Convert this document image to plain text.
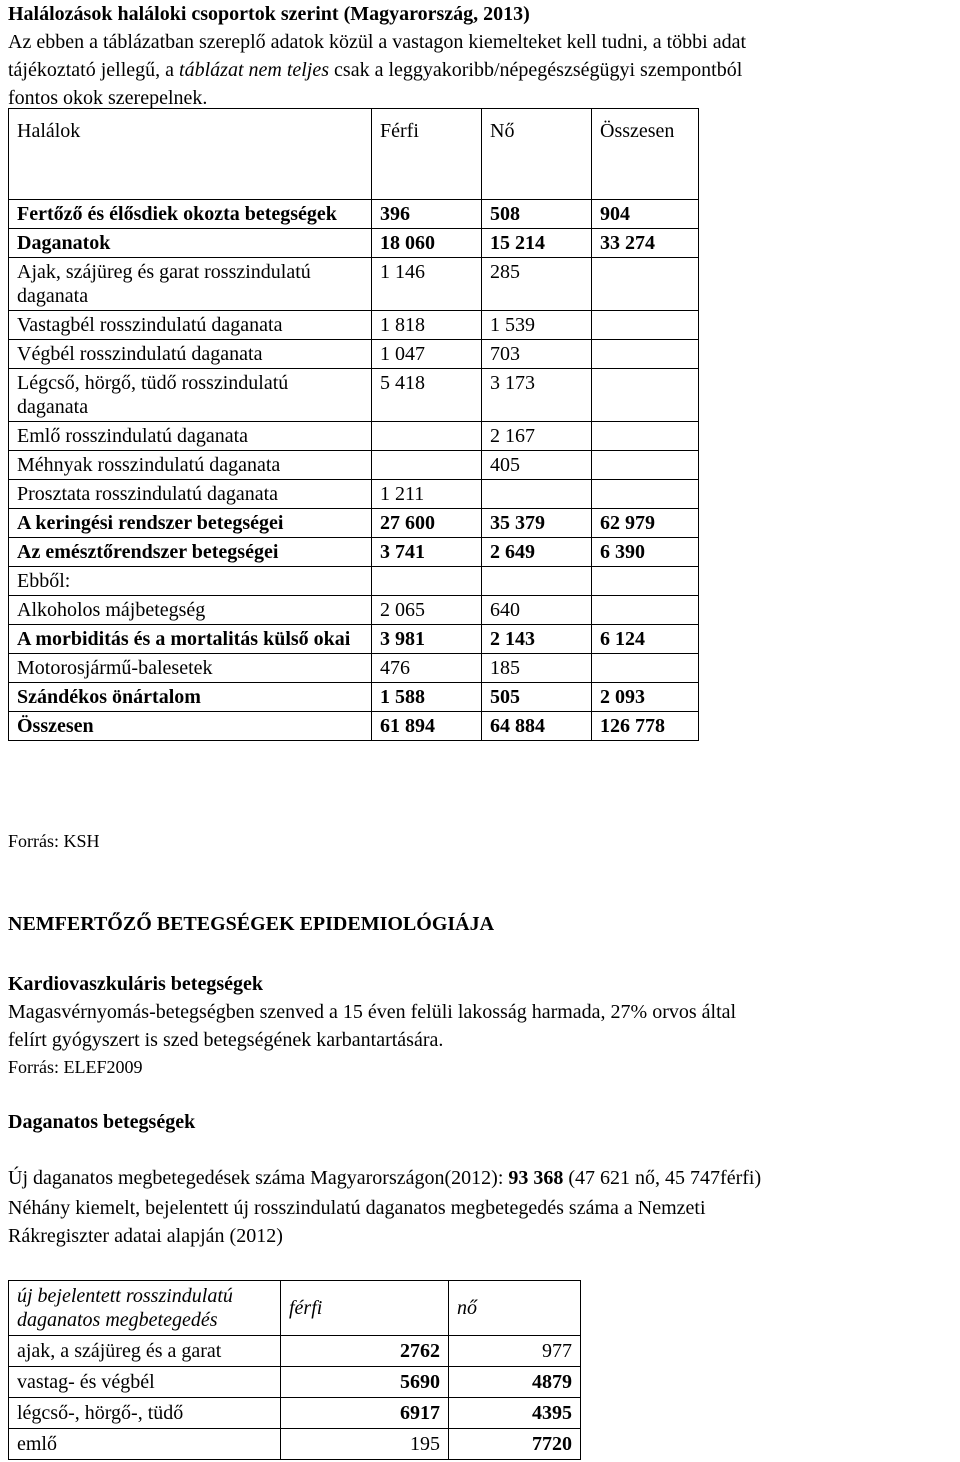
Halálozások haláloki csoportok szerint (Magyarország, 2013)
Az ebben a táblázatban szereplő adatok közül a vastagon kiemelteket kell tudni, a többi adat
tájékoztató jellegű, a táblázat nem teljes csak a leggyakoribb/népegészségügyi szempontból
fontos okok szerepelnek.
Halálok	Férfi	Nő	Összesen
Fertőző és élősdiek okozta betegségek	396	508	904
Daganatok	18 060	15 214	33 274
Ajak, szájüreg és garat rosszindulatú daganata	1 146	285	
Vastagbél rosszindulatú daganata	1 818	1 539	
Végbél rosszindulatú daganata	1 047	703	
Légcső, hörgő, tüdő rosszindulatú daganata	5 418	3 173	
Emlő rosszindulatú daganata		2 167	
Méhnyak rosszindulatú daganata		405	
Prosztata rosszindulatú daganata	1 211		
A keringési rendszer betegségei	27 600	35 379	62 979
Az emésztőrendszer betegségei	3 741	2 649	6 390
Ebből:			
Alkoholos májbetegség	2 065	640	
A morbiditás és a mortalitás külső okai	3 981	2 143	6 124
Motorosjármű-balesetek	476	185	
Szándékos önártalom	1 588	505	2 093
Összesen	61 894	64 884	126 778
Forrás: KSH
NEMFERTŐZŐ BETEGSÉGEK EPIDEMIOLÓGIÁJA
Kardiovaszkuláris betegségek
Magasvérnyomás-betegségben szenved a 15 éven felüli lakosság harmada, 27% orvos által
felírt gyógyszert is szed betegségének karbantartására.
Forrás: ELEF2009
Daganatos betegségek
Új daganatos megbetegedések száma Magyarországon(2012): 93 368 (47 621 nő, 45 747férfi)
Néhány kiemelt, bejelentett új rosszindulatú daganatos megbetegedés száma a Nemzeti
Rákregiszter adatai alapján (2012)
új bejelentett rosszindulatú
daganatos megbetegedés	férfi	nő
ajak, a szájüreg és a garat	2762	977
vastag- és végbél	5690	4879
légcső-, hörgő-, tüdő	6917	4395
emlő	195	7720
